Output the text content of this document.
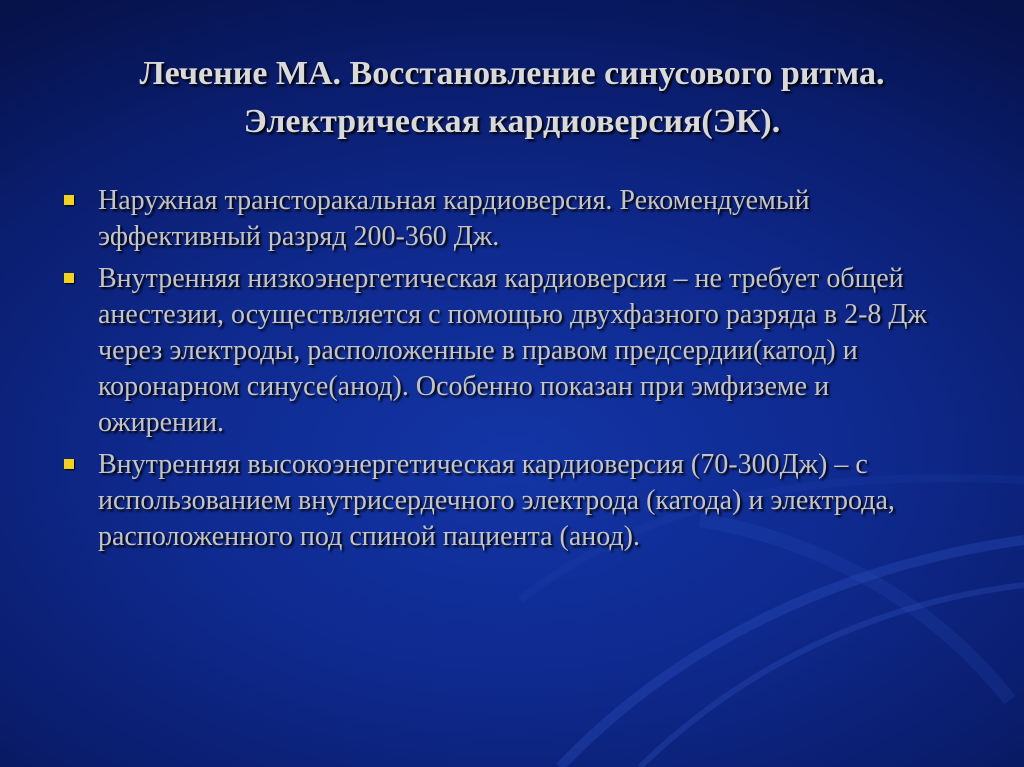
Лечение МА. Восстановление синусового ритма.
Электрическая кардиоверсия(ЭК).
Наружная трансторакальная кардиоверсия. Рекомендуемый эффективный разряд 200-360 Дж.
Внутренняя низкоэнергетическая кардиоверсия – не требует общей анестезии, осуществляется с помощью двухфазного разряда в 2-8 Дж через электроды, расположенные в правом предсердии(катод) и коронарном синусе(анод). Особенно показан при эмфиземе и ожирении.
Внутренняя высокоэнергетическая кардиоверсия (70-300Дж) – с использованием внутрисердечного электрода (катода) и электрода, расположенного под спиной пациента (анод).
